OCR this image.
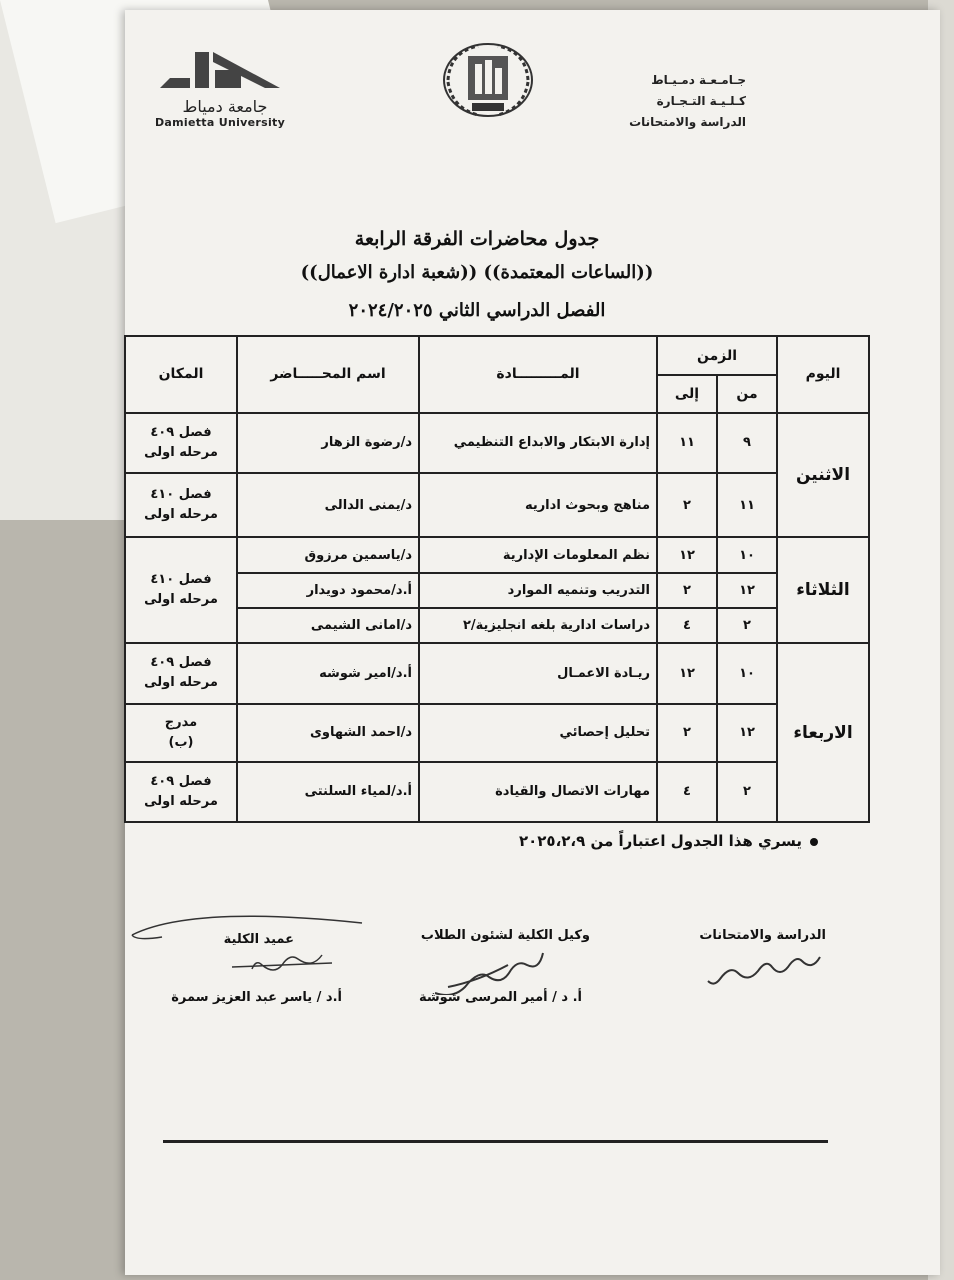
جـامـعـة دمـيـاط
كـلـيـة التـجـارة
الدراسة والامتحانات
جامعة دمياط
Damietta University
جدول محاضرات الفرقة الرابعة
((شعبة ادارة الاعمال)) ((الساعات المعتمدة))
الفصل الدراسي الثاني ٢٠٢٤/٢٠٢٥
اليوم	الزمن		المـــــــــادة	اسم المحـــــاضر	المكان
	من	إلى			
الاثنين	٩	١١	إدارة الابتكار والابداع التنظيمي	د/رضوة الزهار	فصل ٤٠٩
مرحله اولى

	١١	٢	مناهج وبحوث اداريه	د/يمنى الدالى	فصل ٤١٠
مرحله اولى

الثلاثاء	١٠	١٢	نظم المعلومات الإدارية	د/ياسمين مرزوق	فصل ٤١٠
مرحله اولى

	١٢	٢	التدريب وتنميه الموارد	أ.د/محمود دويدار	
	٢	٤	دراسات ادارية بلغه انجليزية/٢	د/امانى الشيمى	
الاربعاء	١٠	١٢	ريـادة الاعمـال	أ.د/امير شوشه	فصل ٤٠٩
مرحله اولى

	١٢	٢	تحليل إحصائي	د/احمد الشهاوى	مدرج
(ب)

	٢	٤	مهارات الاتصال والقيادة	أ.د/لمياء السلنتى	فصل ٤٠٩
مرحله اولى
يسري هذا الجدول اعتباراً من ٢٠٢٥،٢،٩
الدراسة والامتحانات
وكيل الكلية لشئون الطلاب
أ. د / أمير المرسى شوشة
عميد الكلية
أ.د / ياسر عبد العزيز سمرة
